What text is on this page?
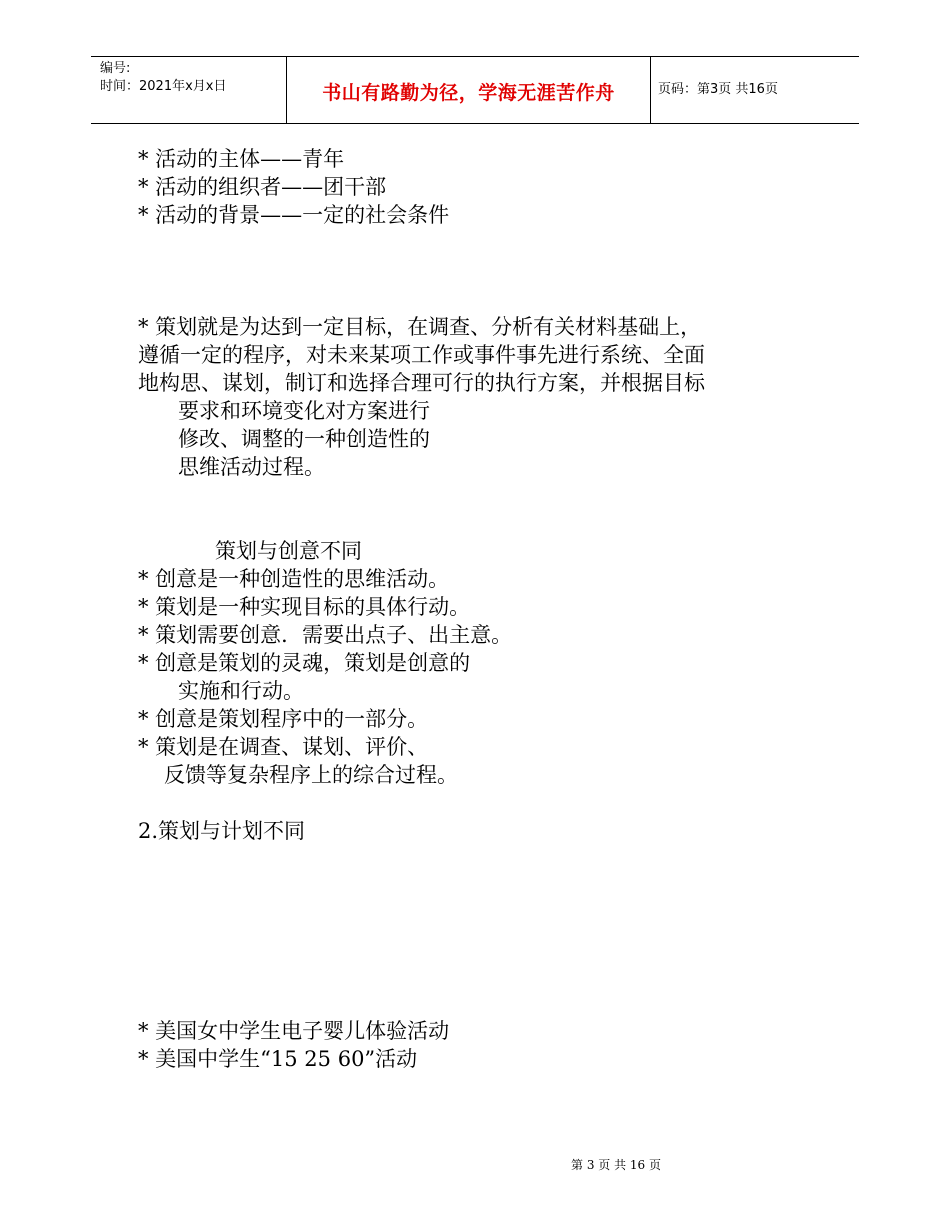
编号:
时间：2021年x月x日	书山有路勤为径，学海无涯苦作舟	页码：第3页 共16页
* 活动的主体——青年
* 活动的组织者——团干部
* 活动的背景——一定的社会条件
* 策划就是为达到一定目标，在调查、分析有关材料基础上，
遵循一定的程序，对未来某项工作或事件事先进行系统、全面
地构思、谋划，制订和选择合理可行的执行方案，并根据目标
要求和环境变化对方案进行
修改、调整的一种创造性的
思维活动过程。
策划与创意不同
* 创意是一种创造性的思维活动。
* 策划是一种实现目标的具体行动。
* 策划需要创意．需要出点子、出主意。
* 创意是策划的灵魂，策划是创意的
实施和行动。
* 创意是策划程序中的一部分。
* 策划是在调查、谋划、评价、
反馈等复杂程序上的综合过程。
2.策划与计划不同
* 美国女中学生电子婴儿体验活动
* 美国中学生“15 25 60”活动
第 3 页 共 16 页
